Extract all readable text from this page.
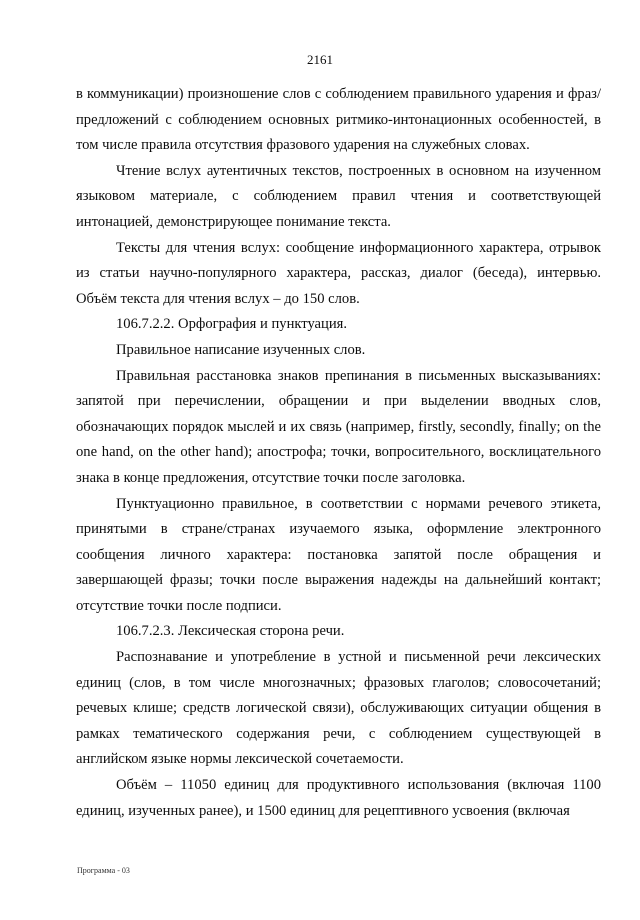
2161

в коммуникации) произношение слов с соблюдением правильного ударения и фраз/предложений с соблюдением основных ритмико-интонационных особенностей, в том числе правила отсутствия фразового ударения на служебных словах.

Чтение вслух аутентичных текстов, построенных в основном на изученном языковом материале, с соблюдением правил чтения и соответствующей интонацией, демонстрирующее понимание текста.

Тексты для чтения вслух: сообщение информационного характера, отрывок из статьи научно-популярного характера, рассказ, диалог (беседа), интервью. Объём текста для чтения вслух – до 150 слов.

106.7.2.2. Орфография и пунктуация.

Правильное написание изученных слов.

Правильная расстановка знаков препинания в письменных высказываниях: запятой при перечислении, обращении и при выделении вводных слов, обозначающих порядок мыслей и их связь (например, firstly, secondly, finally; on the one hand, on the other hand); апострофа; точки, вопросительного, восклицательного знака в конце предложения, отсутствие точки после заголовка.

Пунктуационно правильное, в соответствии с нормами речевого этикета, принятыми в стране/странах изучаемого языка, оформление электронного сообщения личного характера: постановка запятой после обращения и завершающей фразы; точки после выражения надежды на дальнейший контакт; отсутствие точки после подписи.

106.7.2.3. Лексическая сторона речи.

Распознавание и употребление в устной и письменной речи лексических единиц (слов, в том числе многозначных; фразовых глаголов; словосочетаний; речевых клише; средств логической связи), обслуживающих ситуации общения в рамках тематического содержания речи, с соблюдением существующей в английском языке нормы лексической сочетаемости.

Объём – 11050 единиц для продуктивного использования (включая 1100 единиц, изученных ранее), и 1500 единиц для рецептивного усвоения (включая

Программа - 03
